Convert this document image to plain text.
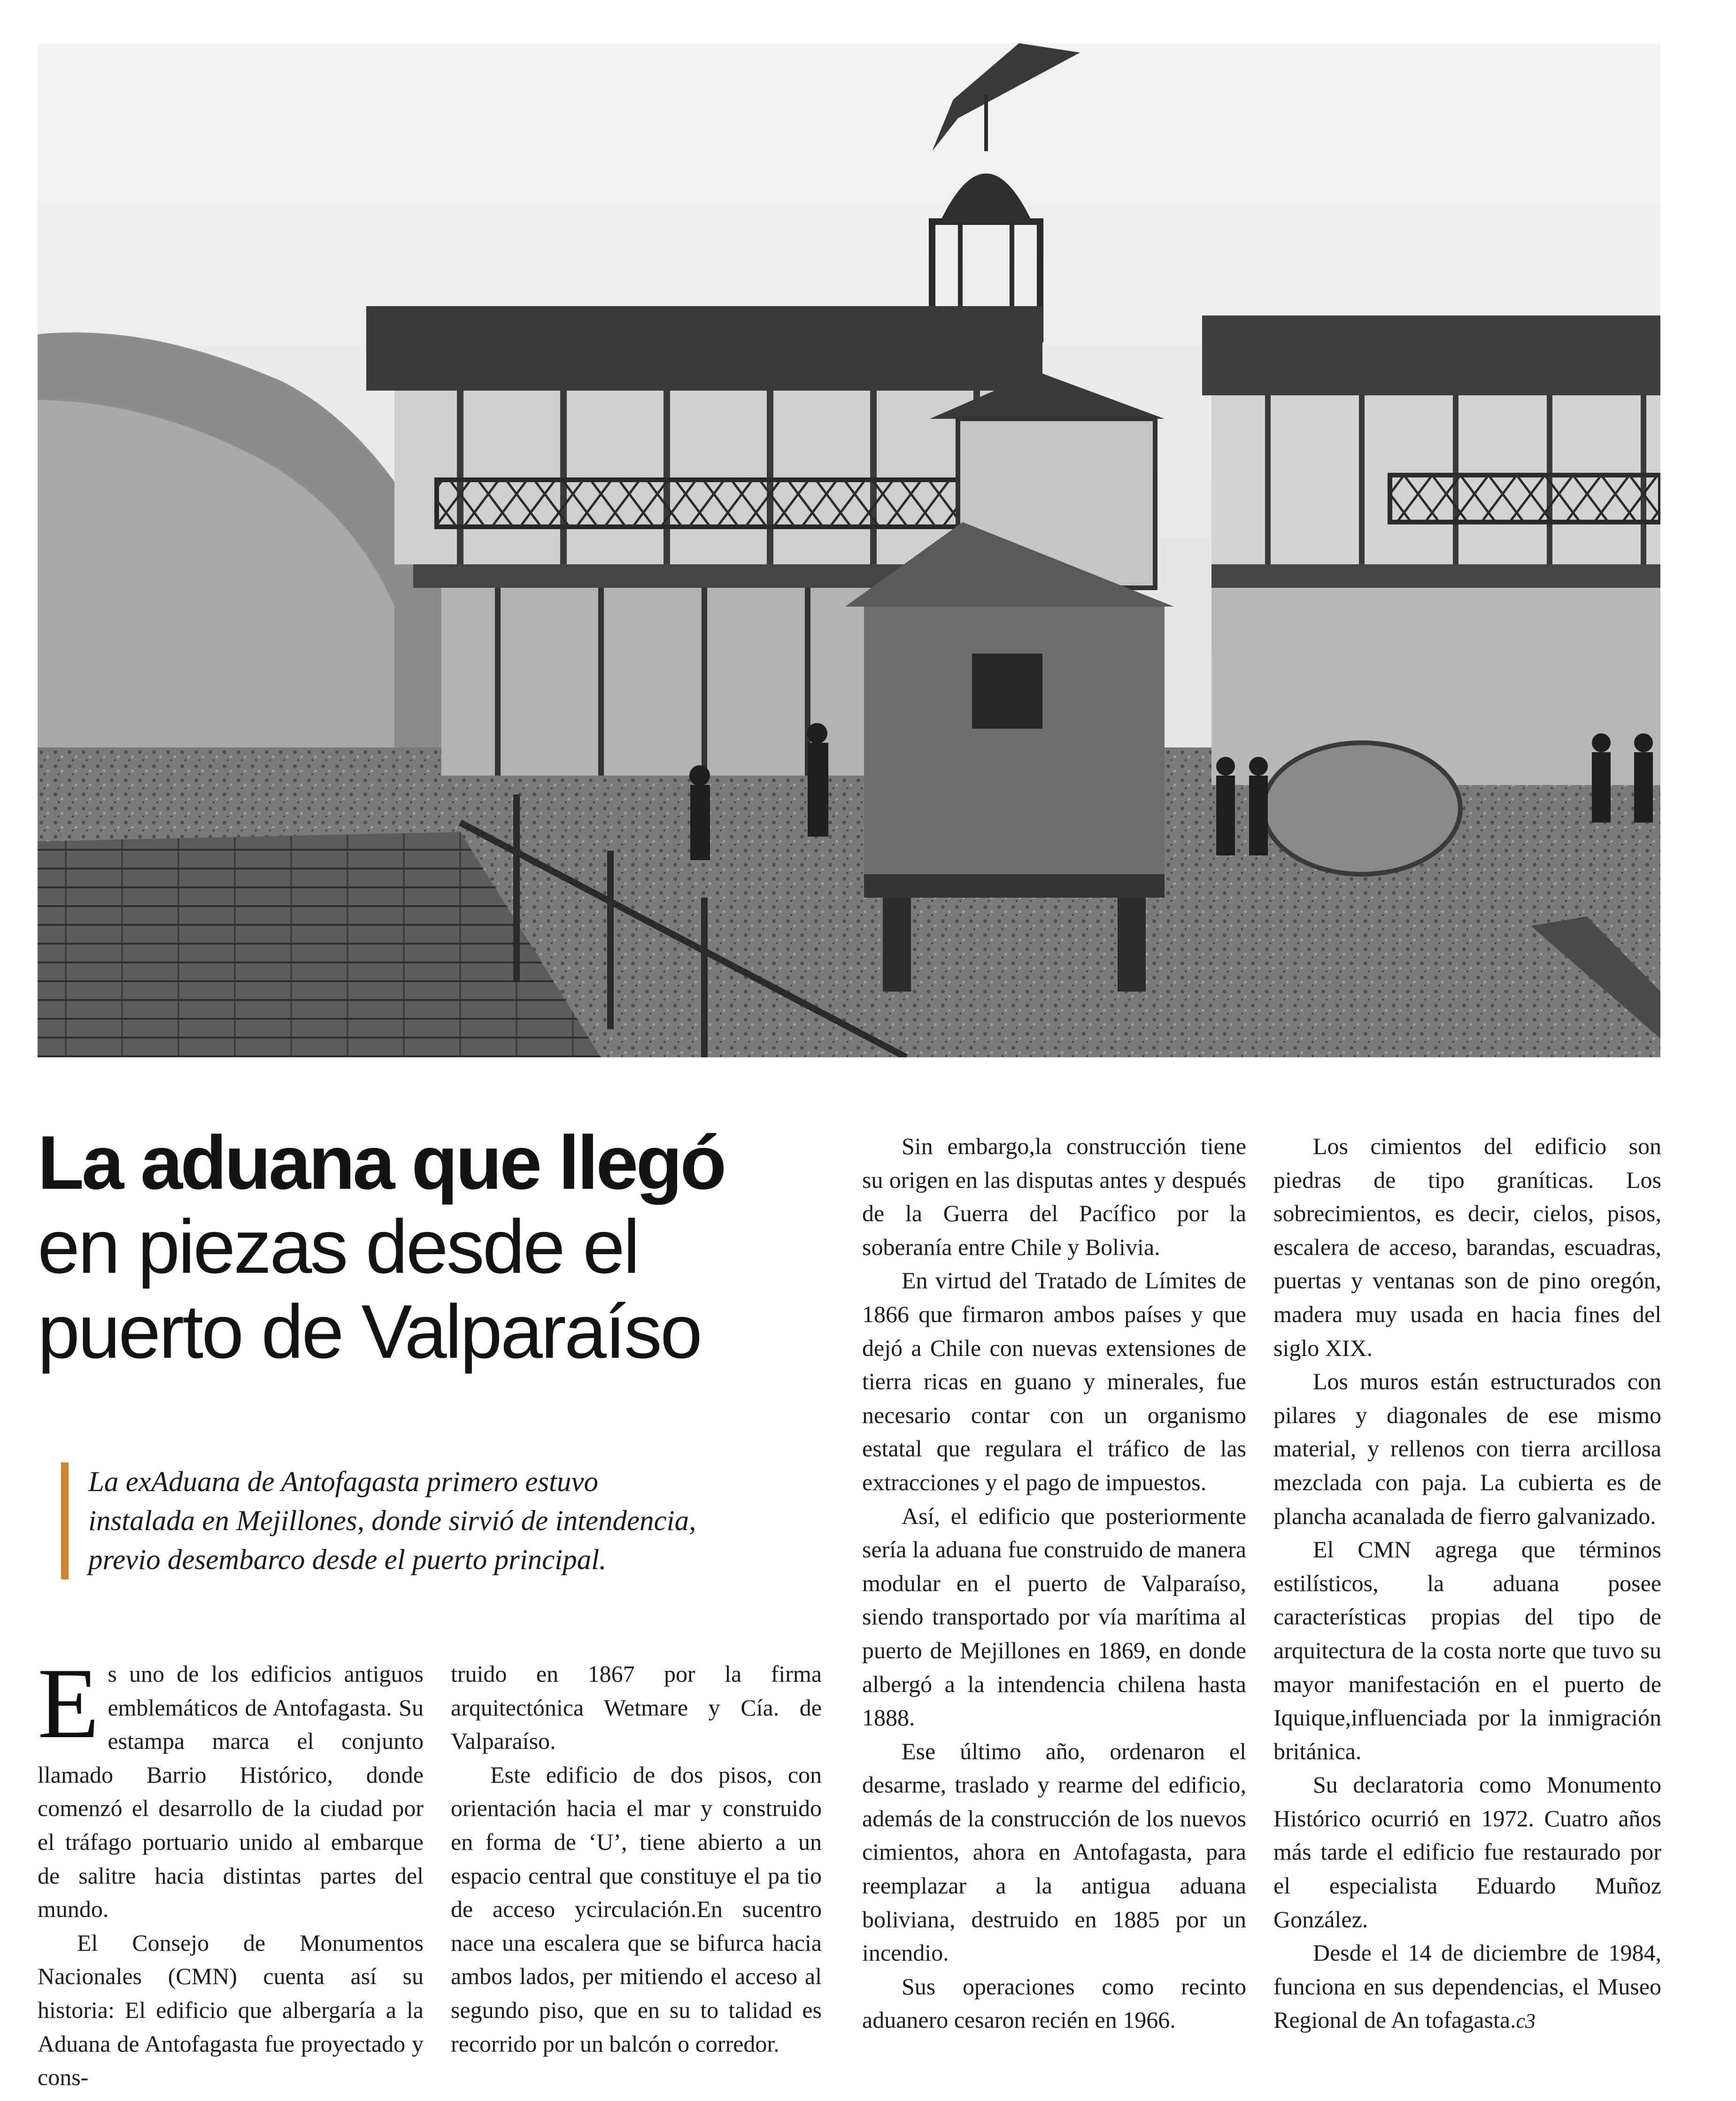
La aduana que llegó
en piezas desde el
puerto de Valparaíso

La exAduana de Antofagasta primero estuvo

instalada en Mejillones, donde sirvió de intendencia,

previo desembarco desde el puerto principal.

Es uno de los edificios antiguos emblemáticos de Antofagasta. Su estampa marca el conjunto llamado Barrio Histórico, donde comenzó el desarrollo de la ciudad por el tráfago portuario unido al embarque de salitre hacia distintas partes del mundo.

El Consejo de Monumentos Nacionales (CMN) cuenta así su historia: El edificio que albergaría a la Aduana de Antofagasta fue proyectado y cons-

truido en 1867 por la firma arquitectónica Wetmare y Cía. de Valparaíso.

Este edificio de dos pisos, con orientación hacia el mar y construido en forma de ‘U’, tiene abierto a un espacio central que constituye el pa tio de acceso ycirculación.En sucentro nace una escalera que se bifurca hacia ambos lados, per mitiendo el acceso al segundo piso, que en su to talidad es recorrido por un balcón o corredor.

Sin embargo,la construcción tiene su origen en las disputas antes y después de la Guerra del Pacífico por la soberanía entre Chile y Bolivia.

En virtud del Tratado de Límites de 1866 que firmaron ambos países y que dejó a Chile con nuevas extensiones de tierra ricas en guano y minerales, fue necesario contar con un organismo estatal que regulara el tráfico de las extracciones y el pago de impuestos.

Así, el edificio que posteriormente sería la aduana fue construido de manera modular en el puerto de Valparaíso, siendo transportado por vía marítima al puerto de Mejillones en 1869, en donde albergó a la intendencia chilena hasta 1888.

Ese último año, ordenaron el desarme, traslado y rearme del edificio, además de la construcción de los nuevos cimientos, ahora en Antofagasta, para reemplazar a la antigua aduana boliviana, destruido en 1885 por un incendio.

Sus operaciones como recinto aduanero cesaron recién en 1966.

Los cimientos del edificio son piedras de tipo graníticas. Los sobrecimientos, es decir, cielos, pisos, escalera de acceso, barandas, escuadras, puertas y ventanas son de pino oregón, madera muy usada en hacia fines del siglo XIX.

Los muros están estructurados con pilares y diagonales de ese mismo material, y rellenos con tierra arcillosa mezclada con paja. La cubierta es de plancha acanalada de fierro galvanizado.

El CMN agrega que términos estilísticos, la aduana posee características propias del tipo de arquitectura de la costa norte que tuvo su mayor manifestación en el puerto de Iquique,influenciada por la inmigración británica.

Su declaratoria como Monumento Histórico ocurrió en 1972. Cuatro años más tarde el edificio fue restaurado por el especialista Eduardo Muñoz González.

Desde el 14 de diciembre de 1984, funciona en sus dependencias, el Museo Regional de An tofagasta.c3
